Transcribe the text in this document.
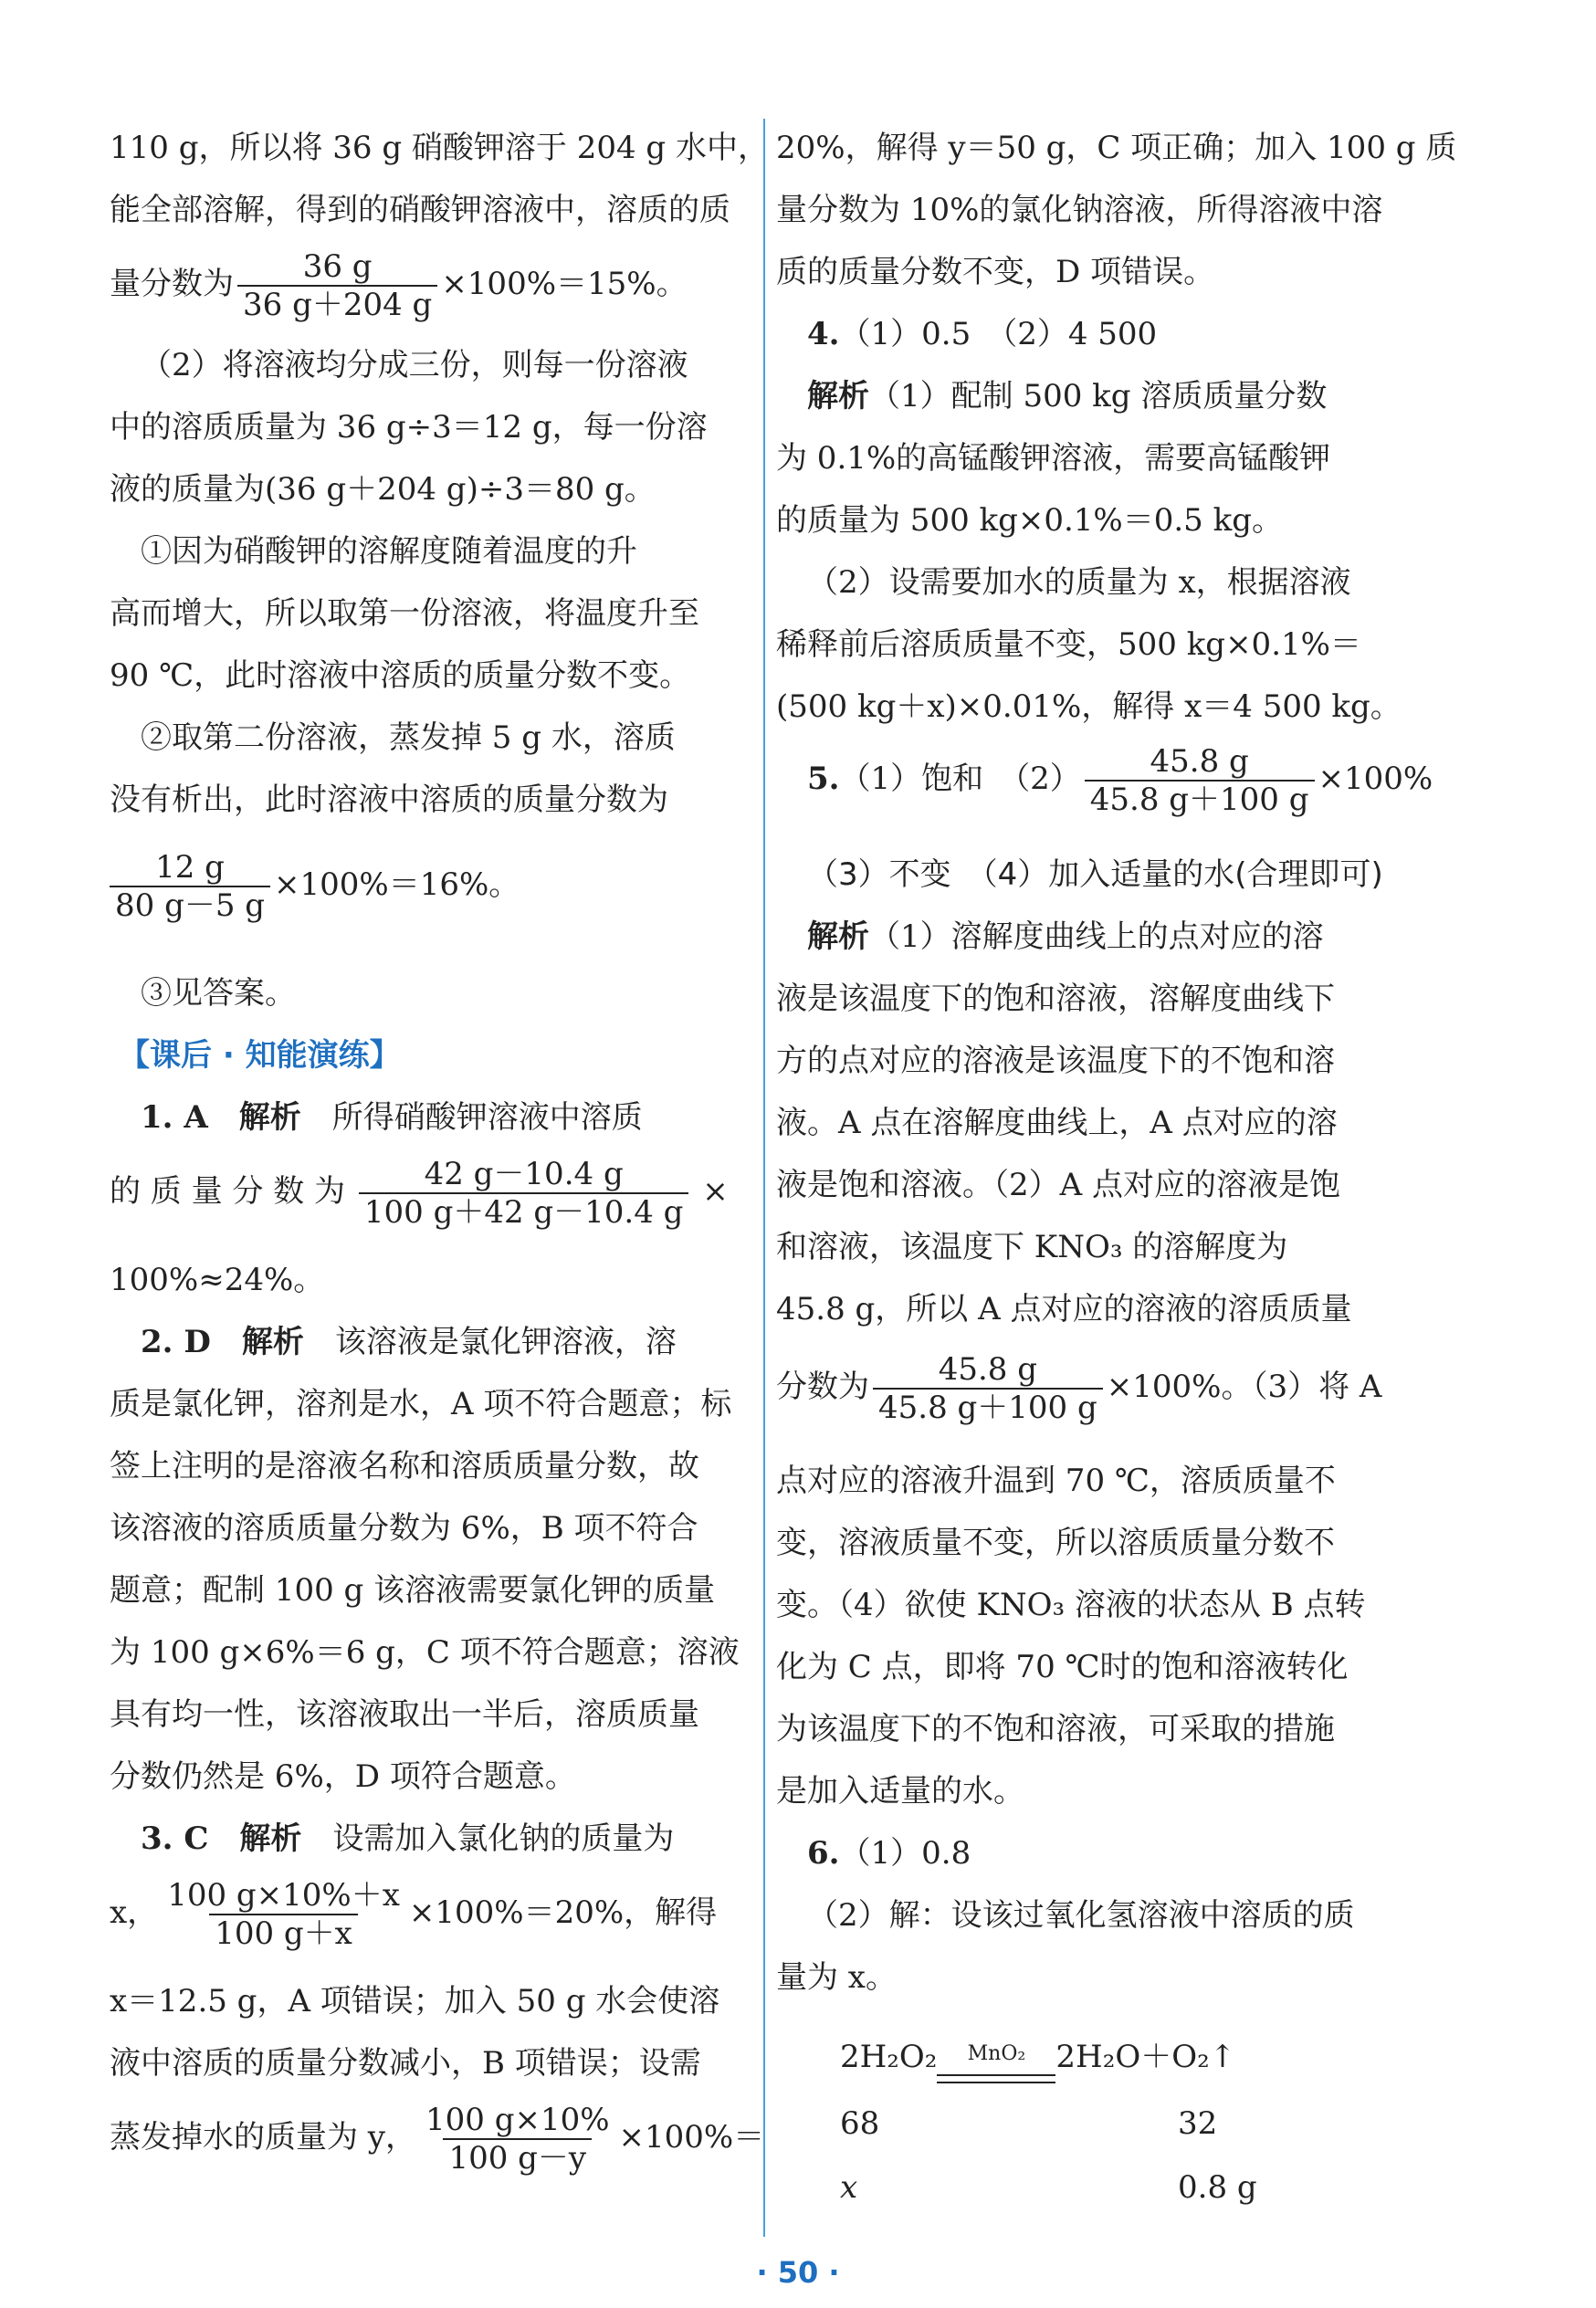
110 g，所以将 36 g 硝酸钾溶于 204 g 水中，
能全部溶解，得到的硝酸钾溶液中，溶质的质
量分数为 $\frac{36 g}{36 g+204 g} \times 100\%=15\%$。
（2）将溶液均分成三份，则每一份溶液
中的溶质质量为 36 g÷3＝12 g，每一份溶
液的质量为(36 g＋204 g)÷3＝80 g。
①因为硝酸钾的溶解度随着温度的升
高而增大，所以取第一份溶液，将温度升至
90 ℃，此时溶液中溶质的质量分数不变。
②取第二份溶液，蒸发掉 5 g 水，溶质
没有析出，此时溶液中溶质的质量分数为
$\frac{12 g}{80 g-5 g} \times 100\%=16\%$。
③见答案。
【课后 · 知能演练】
1. A　 解析　 所得硝酸钾溶液中溶质
的 质 量 分 数 为 $\frac{42 g-10.4 g}{100 g+42 g-10.4 g}$ ×
100%≈24%。
2. D　 解析　 该溶液是氯化钾溶液，溶
质是氯化钾，溶剂是水，A 项不符合题意；标
签上注明的是溶液名称和溶质质量分数，故
该溶液的溶质质量分数为 6%，B 项不符合
题意；配制 100 g 该溶液需要氯化钾的质量
为 100 g×6%＝6 g，C 项不符合题意；溶液
具有均一性，该溶液取出一半后，溶质质量
分数仍然是 6%，D 项符合题意。
3. C　 解析　 设需加入氯化钠的质量为
x， $\frac{100 g\times 10\%+x}{100 g+x} \times 100\%=20\%$，解得
x＝12.5 g，A 项错误；加入 50 g 水会使溶
液中溶质的质量分数减小，B 项错误；设需
蒸发掉水的质量为 y， $\frac{100 g\times 10\%}{100 g-y} \times 100\%=$
20%，解得 y＝50 g，C 项正确；加入 100 g 质
量分数为 10%的氯化钠溶液，所得溶液中溶
质的质量分数不变，D 项错误。
4.（1）0.5　（2）4 500
解析（1）配制 500 kg 溶质质量分数
为 0.1%的高锰酸钾溶液，需要高锰酸钾
的质量为 500 kg×0.1%＝0.5 kg。
（2）设需要加水的质量为 x，根据溶液
稀释前后溶质质量不变，500 kg×0.1%＝
(500 kg＋x)×0.01%，解得 x＝4 500 kg。
5.（1）饱和　$(2) \frac{45.8 g}{45.8 g+100 g} \times 100\%$
（3）不变　（4）加入适量的水(合理即可)
解析（1）溶解度曲线上的点对应的溶
液是该温度下的饱和溶液，溶解度曲线下
方的点对应的溶液是该温度下的不饱和溶
液。A 点在溶解度曲线上，A 点对应的溶
液是饱和溶液。（2）A 点对应的溶液是饱
和溶液，该温度下 KNO₃ 的溶解度为
45.8 g，所以 A 点对应的溶液的溶质质量
分数为 $\frac{45.8 g}{45.8 g+100 g} \times 100\%$。（3）将 A
点对应的溶液升温到 70 ℃，溶质质量不
变，溶液质量不变，所以溶质质量分数不
变。（4）欲使 KNO₃ 溶液的状态从 B 点转
化为 C 点，即将 70 ℃时的饱和溶液转化
为该温度下的不饱和溶液，可采取的措施
是加入适量的水。
6.（1）0.8
（2）解：设该过氧化氢溶液中溶质的质
量为 x。
2H₂O₂ MnO₂ 2H₂O＋O₂↑
68	32
x	0.8 g
· 50 ·
